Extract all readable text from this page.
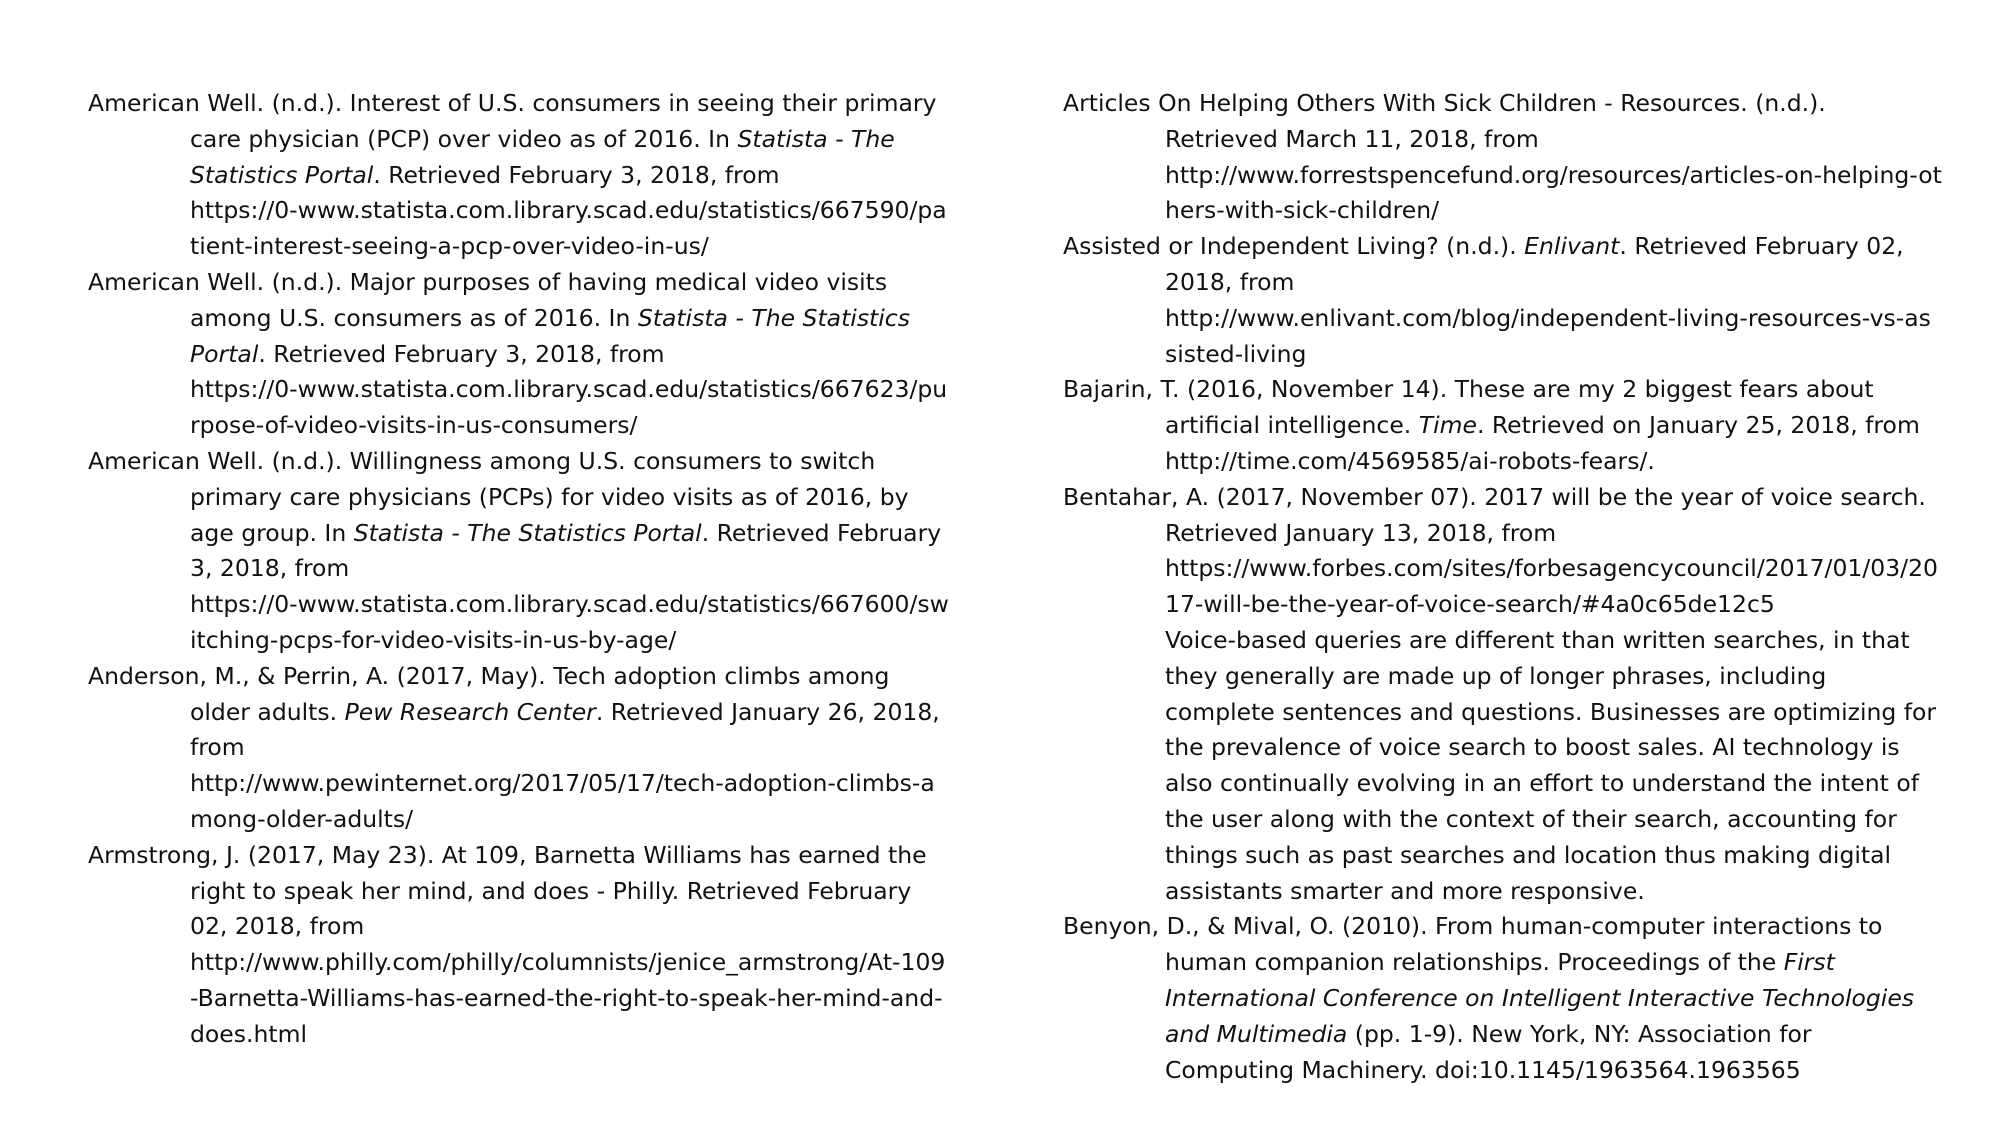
American Well. (n.d.). Interest of U.S. consumers in seeing their primary care physician (PCP) over video as of 2016. In Statista - The Statistics Portal. Retrieved February 3, 2018, from
https://0-www.statista.com.library.scad.edu/statistics/667590/patient-interest-seeing-a-pcp-over-video-in-us/

American Well. (n.d.). Major purposes of having medical video visits among U.S. consumers as of 2016. In Statista - The Statistics Portal. Retrieved February 3, 2018, from
https://0-www.statista.com.library.scad.edu/statistics/667623/purpose-of-video-visits-in-us-consumers/

American Well. (n.d.). Willingness among U.S. consumers to switch primary care physicians (PCPs) for video visits as of 2016, by age group. In Statista - The Statistics Portal. Retrieved February 3, 2018, from
https://0-www.statista.com.library.scad.edu/statistics/667600/switching-pcps-for-video-visits-in-us-by-age/

Anderson, M., & Perrin, A. (2017, May). Tech adoption climbs among older adults. Pew Research Center. Retrieved January 26, 2018, from
http://www.pewinternet.org/2017/05/17/tech-adoption-climbs-among-older-adults/

Armstrong, J. (2017, May 23). At 109, Barnetta Williams has earned the right to speak her mind, and does - Philly. Retrieved February 02, 2018, from
http://www.philly.com/philly/columnists/jenice_armstrong/At-109-Barnetta-Williams-has-earned-the-right-to-speak-her-mind-and-does.html

Articles On Helping Others With Sick Children - Resources. (n.d.). Retrieved March 11, 2018, from
http://www.forrestspencefund.org/resources/articles-on-helping-others-with-sick-children/

Assisted or Independent Living? (n.d.). Enlivant. Retrieved February 02, 2018, from
http://www.enlivant.com/blog/independent-living-resources-vs-assisted-living

Bajarin, T. (2016, November 14). These are my 2 biggest fears about artificial intelligence. Time. Retrieved on January 25, 2018, from http://time.com/4569585/ai-robots-fears/.

Bentahar, A. (2017, November 07). 2017 will be the year of voice search. Retrieved January 13, 2018, from
https://www.forbes.com/sites/forbesagencycouncil/2017/01/03/2017-will-be-the-year-of-voice-search/#4a0c65de12c5
Voice-based queries are different than written searches, in that they generally are made up of longer phrases, including complete sentences and questions. Businesses are optimizing for the prevalence of voice search to boost sales. AI technology is also continually evolving in an effort to understand the intent of the user along with the context of their search, accounting for things such as past searches and location thus making digital assistants smarter and more responsive.

Benyon, D., & Mival, O. (2010). From human-computer interactions to human companion relationships. Proceedings of the First International Conference on Intelligent Interactive Technologies and Multimedia (pp. 1-9). New York, NY: Association for Computing Machinery. doi:10.1145/1963564.1963565
